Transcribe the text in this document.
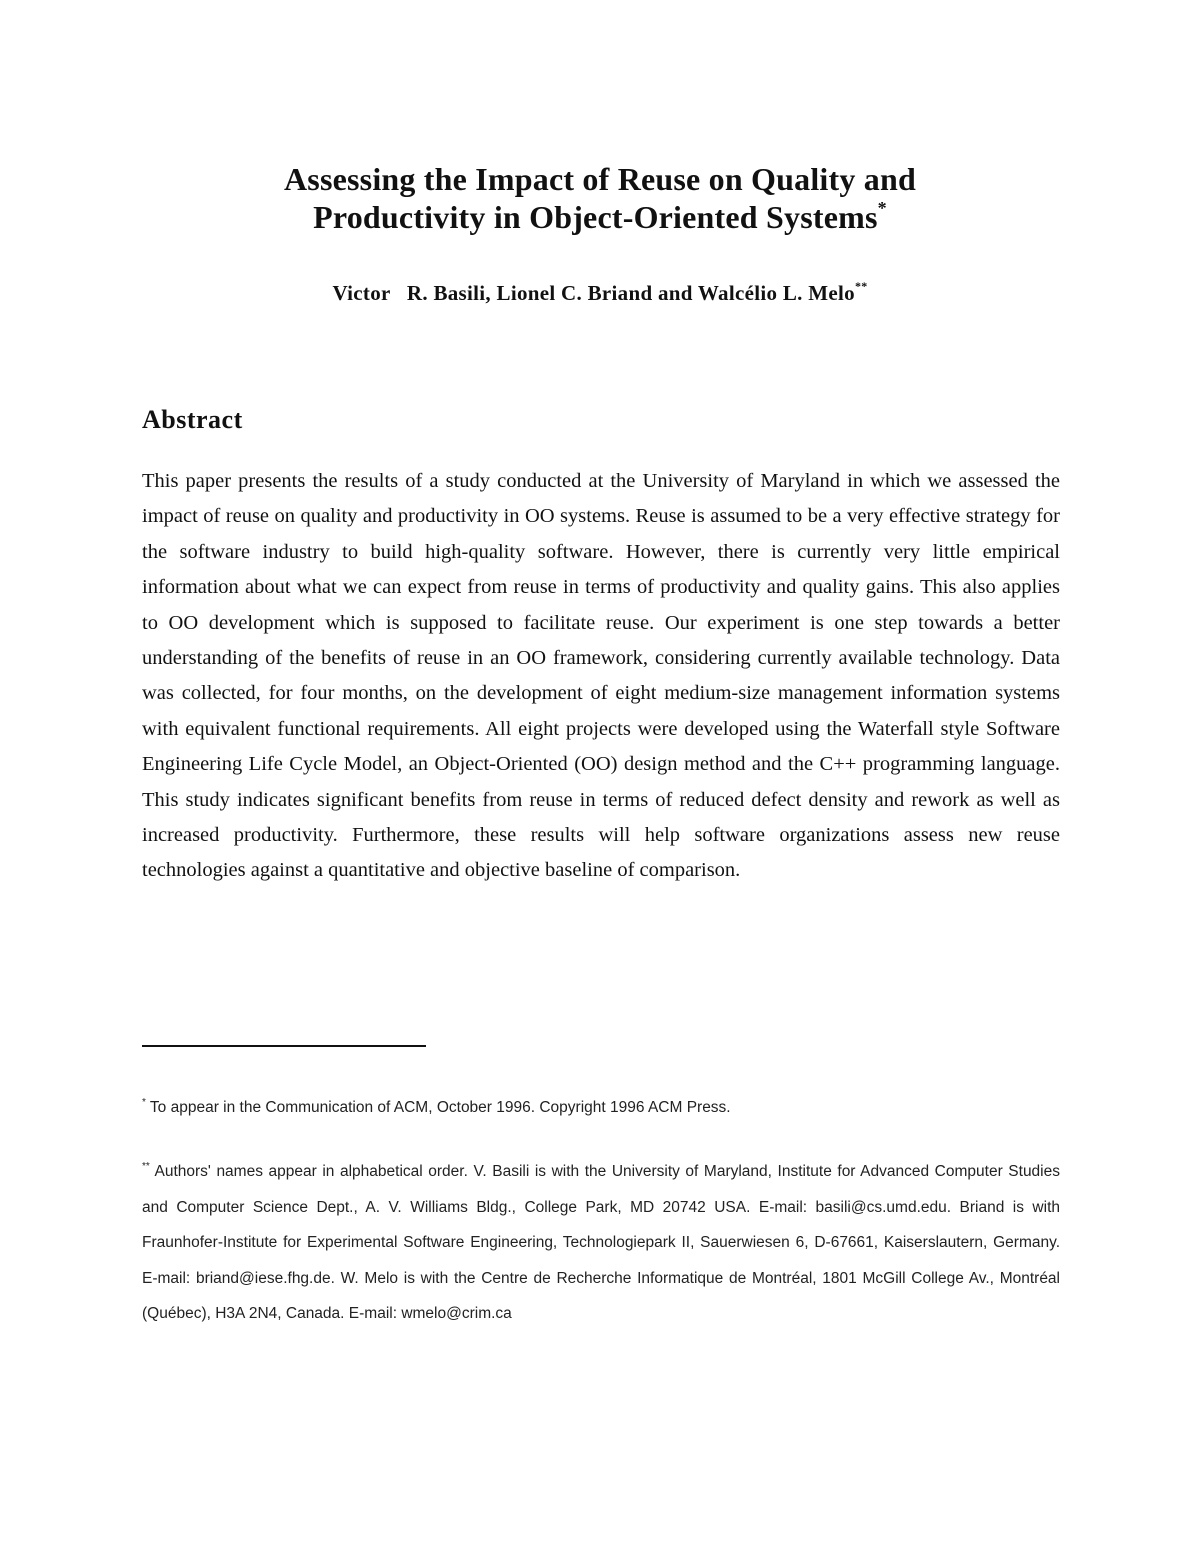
Assessing the Impact of Reuse on Quality and
Productivity in Object-Oriented Systems*
Victor   R. Basili, Lionel C. Briand and Walcélio L. Melo**
Abstract
This paper presents the results of a study conducted at the University of Maryland in which we assessed the impact of reuse on quality and productivity in OO systems. Reuse is assumed to be a very effective strategy for the software industry to build high-quality software. However, there is currently very little empirical information about what we can expect from reuse in terms of productivity and quality gains. This also applies to OO development which is supposed to facilitate reuse. Our experiment is one step towards a better understanding of the benefits of reuse in an OO framework, considering currently available technology. Data was collected, for four months, on the development of eight medium-size management information systems with equivalent functional requirements. All eight projects were developed using the Waterfall style Software Engineering Life Cycle Model, an Object-Oriented (OO) design method and the C++ programming language. This study indicates significant benefits from reuse in terms of reduced defect density and rework as well as increased productivity. Furthermore, these results will help software organizations assess new reuse technologies against a quantitative and objective baseline of comparison.
* To appear in the Communication of ACM, October 1996. Copyright 1996 ACM Press.
** Authors' names appear in alphabetical order. V. Basili is with the University of Maryland, Institute for Advanced Computer Studies and Computer Science Dept., A. V. Williams Bldg., College Park, MD 20742 USA. E-mail: basili@cs.umd.edu. Briand is with Fraunhofer-Institute for Experimental Software Engineering, Technologiepark II, Sauerwiesen 6, D-67661, Kaiserslautern, Germany. E-mail: briand@iese.fhg.de. W. Melo is with the Centre de Recherche Informatique de Montréal, 1801 McGill College Av., Montréal (Québec), H3A 2N4, Canada. E-mail: wmelo@crim.ca
